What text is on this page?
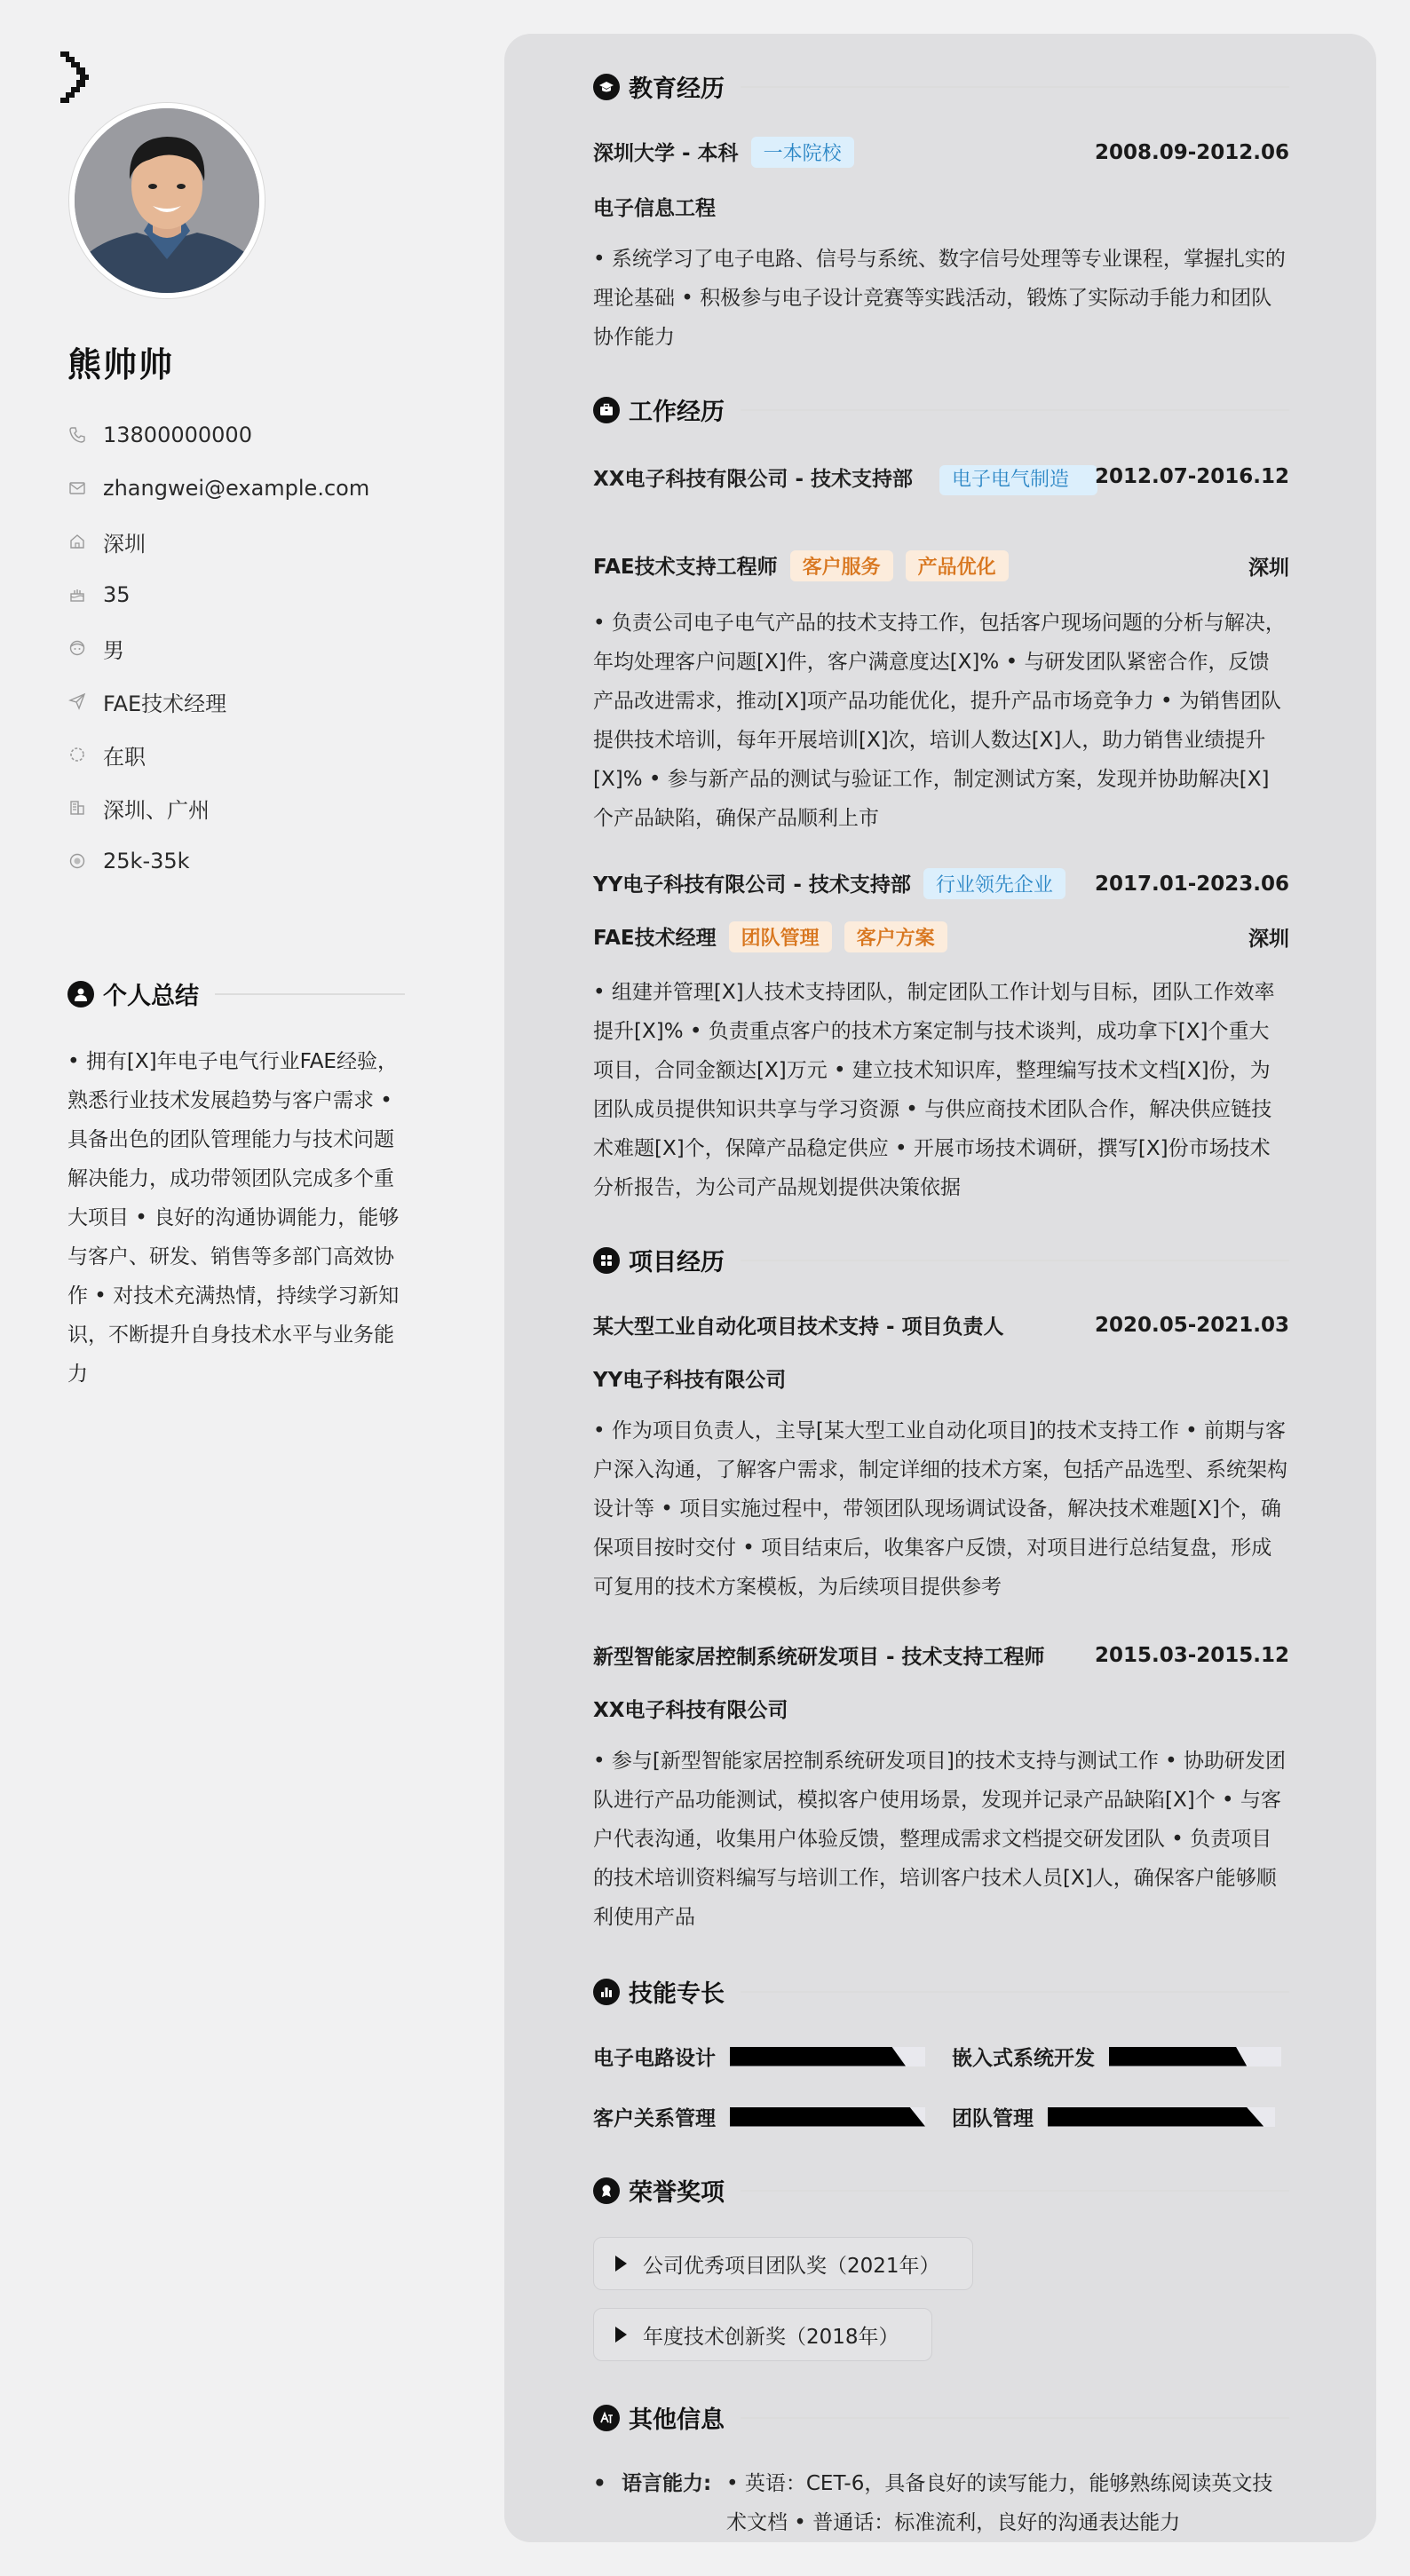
熊帅帅
13800000000
zhangwei@example.com
深圳
35
男
FAE技术经理
在职
深圳、广州
25k-35k
个人总结
• 拥有[X]年电子电气行业FAE经验，熟悉行业技术发展趋势与客户需求 • 具备出色的团队管理能力与技术问题解决能力，成功带领团队完成多个重大项目 • 良好的沟通协调能力，能够与客户、研发、销售等多部门高效协作 • 对技术充满热情，持续学习新知识，不断提升自身技术水平与业务能力
教育经历
深圳大学 - 本科 一本院校	2008.09-2012.06
电子信息工程
• 系统学习了电子电路、信号与系统、数字信号处理等专业课程，掌握扎实的理论基础 • 积极参与电子设计竞赛等实践活动，锻炼了实际动手能力和团队协作能力
工作经历
XX电子科技有限公司 - 技术支持部	电子电气制造	2012.07-2016.12
FAE技术支持工程师 客户服务 产品优化	深圳
• 负责公司电子电气产品的技术支持工作，包括客户现场问题的分析与解决，年均处理客户问题[X]件，客户满意度达[X]% • 与研发团队紧密合作，反馈产品改进需求，推动[X]项产品功能优化，提升产品市场竞争力 • 为销售团队提供技术培训，每年开展培训[X]次，培训人数达[X]人，助力销售业绩提升[X]% • 参与新产品的测试与验证工作，制定测试方案，发现并协助解决[X]个产品缺陷，确保产品顺利上市
YY电子科技有限公司 - 技术支持部 行业领先企业	2017.01-2023.06
FAE技术经理 团队管理 客户方案	深圳
• 组建并管理[X]人技术支持团队，制定团队工作计划与目标，团队工作效率提升[X]% • 负责重点客户的技术方案定制与技术谈判，成功拿下[X]个重大项目，合同金额达[X]万元 • 建立技术知识库，整理编写技术文档[X]份，为团队成员提供知识共享与学习资源 • 与供应商技术团队合作，解决供应链技术难题[X]个，保障产品稳定供应 • 开展市场技术调研，撰写[X]份市场技术分析报告，为公司产品规划提供决策依据
项目经历
某大型工业自动化项目技术支持 - 项目负责人	2020.05-2021.03
YY电子科技有限公司
• 作为项目负责人，主导[某大型工业自动化项目]的技术支持工作 • 前期与客户深入沟通，了解客户需求，制定详细的技术方案，包括产品选型、系统架构设计等 • 项目实施过程中，带领团队现场调试设备，解决技术难题[X]个，确保项目按时交付 • 项目结束后，收集客户反馈，对项目进行总结复盘，形成可复用的技术方案模板，为后续项目提供参考
新型智能家居控制系统研发项目 - 技术支持工程师 2015.03-2015.12
XX电子科技有限公司
• 参与[新型智能家居控制系统研发项目]的技术支持与测试工作 • 协助研发团队进行产品功能测试，模拟客户使用场景，发现并记录产品缺陷[X]个 • 与客户代表沟通，收集用户体验反馈，整理成需求文档提交研发团队 • 负责项目的技术培训资料编写与培训工作，培训客户技术人员[X]人，确保客户能够顺利使用产品
技能专长
电子电路设计	嵌入式系统开发
客户关系管理	团队管理
荣誉奖项
公司优秀项目团队奖（2021年）
年度技术创新奖（2018年）
其他信息
• 语言能力: • 英语：CET-6，具备良好的读写能力，能够熟练阅读英文技术文档 • 普通话：标准流利，良好的沟通表达能力
